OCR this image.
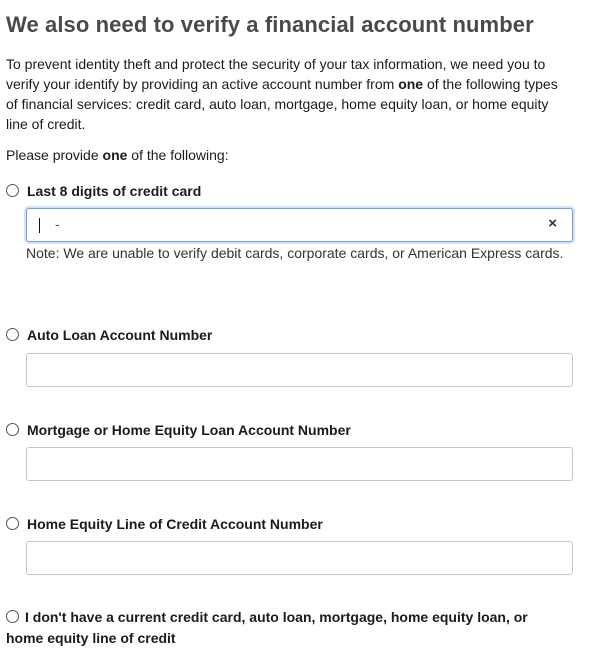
We also need to verify a financial account number

To prevent identity theft and protect the security of your tax information, we need you to verify your identify by providing an active account number from one of the following types of financial services: credit card, auto loan, mortgage, home equity loan, or home equity line of credit.

Please provide one of the following:

Last 8 digits of credit card
-	×

Note: We are unable to verify debit cards, corporate cards, or American Express cards.

Auto Loan Account Number
Mortgage or Home Equity Loan Account Number
Home Equity Line of Credit Account Number

I don't have a current credit card, auto loan, mortgage, home equity loan, or home equity line of credit
